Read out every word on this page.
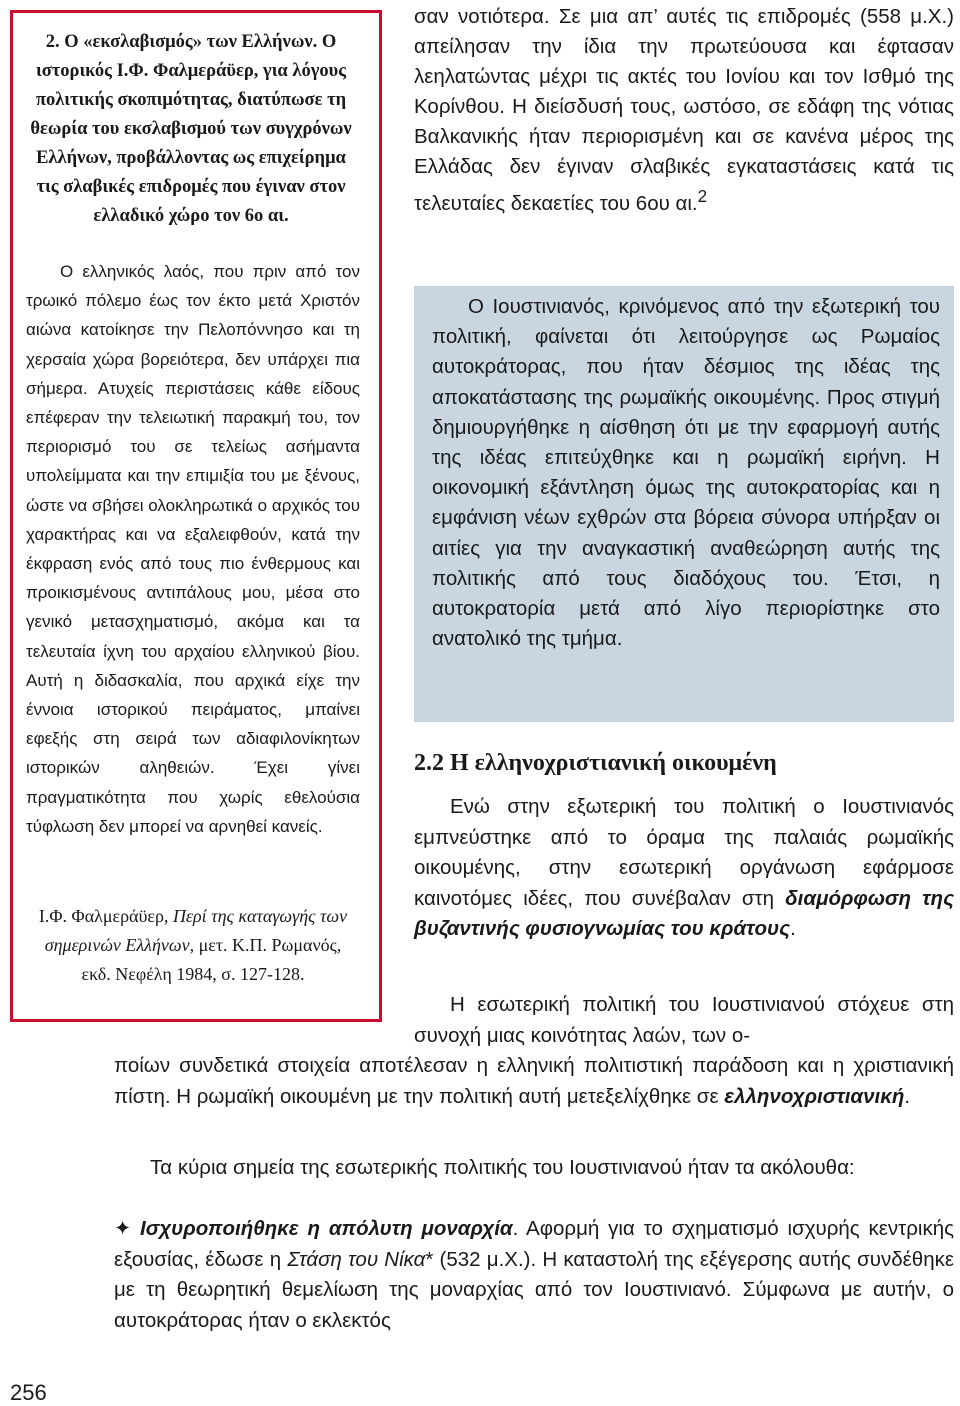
2. Ο «εκσλαβισμός» των Ελλήνων. Ο ιστορικός Ι.Φ. Φαλμεράϋερ, για λόγους πολιτικής σκοπιμότητας, διατύπωσε τη θεωρία του εκσλαβισμού των συγχρόνων Ελλήνων, προβάλλοντας ως επιχείρημα τις σλαβικές επιδρομές που έγιναν στον ελλαδικό χώρο τον 6ο αι.
Ο ελληνικός λαός, που πριν από τον τρωικό πόλεμο έως τον έκτο μετά Χριστόν αιώνα κατοίκησε την Πελοπόννησο και τη χερσαία χώρα βορειότερα, δεν υπάρχει πια σήμερα. Ατυχείς περιστάσεις κάθε είδους επέφεραν την τελειωτική παρακμή του, τον περιορισμό του σε τελείως ασήμαντα υπολείμματα και την επιμιξία του με ξένους, ώστε να σβήσει ολοκληρωτικά ο αρχικός του χαρακτήρας και να εξαλειφθούν, κατά την έκφραση ενός από τους πιο ένθερμους και προικισμένους αντιπάλους μου, μέσα στο γενικό μετασχηματισμό, ακόμα και τα τελευταία ίχνη του αρχαίου ελληνικού βίου. Αυτή η διδασκαλία, που αρχικά είχε την έννοια ιστορικού πειράματος, μπαίνει εφεξής στη σειρά των αδιαφιλονίκητων ιστορικών αληθειών. Έχει γίνει πραγματικότητα που χωρίς εθελούσια τύφλωση δεν μπορεί να αρνηθεί κανείς.
Ι.Φ. Φαλμεράϋερ, Περί της καταγωγής των σημερινών Ελλήνων, μετ. Κ.Π. Ρωμανός, εκδ. Νεφέλη 1984, σ. 127-128.
σαν νοτιότερα. Σε μια απ’ αυτές τις επιδρομές (558 μ.Χ.) απείλησαν την ίδια την πρωτεύουσα και έφτασαν λεηλατώντας μέχρι τις ακτές του Ιονίου και τον Ισθμό της Κορίνθου. Η διείσδυσή τους, ωστόσο, σε εδάφη της νότιας Βαλκανικής ήταν περιορισμένη και σε κανένα μέρος της Ελλάδας δεν έγιναν σλαβικές εγκαταστάσεις κατά τις τελευταίες δεκαετίες του 6ου αι.$^2$
Ο Ιουστινιανός, κρινόμενος από την εξωτερική του πολιτική, φαίνεται ότι λειτούργησε ως Ρωμαίος αυτοκράτορας, που ήταν δέσμιος της ιδέας της αποκατάστασης της ρωμαϊκής οικουμένης. Προς στιγμή δημιουργήθηκε η αίσθηση ότι με την εφαρμογή αυτής της ιδέας επιτεύχθηκε και η ρωμαϊκή ειρήνη. Η οικονομική εξάντληση όμως της αυτοκρατορίας και η εμφάνιση νέων εχθρών στα βόρεια σύνορα υπήρξαν οι αιτίες για την αναγκαστική αναθεώρηση αυτής της πολιτικής από τους διαδόχους του. Έτσι, η αυτοκρατορία μετά από λίγο περιορίστηκε στο ανατολικό της τμήμα.
2.2 Η ελληνοχριστιανική οικουμένη
Ενώ στην εξωτερική του πολιτική ο Ιουστινιανός εμπνεύστηκε από το όραμα της παλαιάς ρωμαϊκής οικουμένης, στην εσωτερική οργάνωση εφάρμοσε καινοτόμες ιδέες, που συνέβαλαν στη διαμόρφωση της βυζαντινής φυσιογνωμίας του κράτους.
Η εσωτερική πολιτική του Ιουστινιανού στόχευε στη συνοχή μιας κοινότητας λαών, των ο-
ποίων συνδετικά στοιχεία αποτέλεσαν η ελληνική πολιτιστική παράδοση και η χριστιανική πίστη. Η ρωμαϊκή οικουμένη με την πολιτική αυτή μετεξελίχθηκε σε ελληνοχριστιανική.
Τα κύρια σημεία της εσωτερικής πολιτικής του Ιουστινιανού ήταν τα ακόλουθα:
✦ Ισχυροποιήθηκε η απόλυτη μοναρχία. Αφορμή για το σχηματισμό ισχυρής κεντρικής εξουσίας, έδωσε η Στάση του Νίκα* (532 μ.Χ.). Η καταστολή της εξέγερσης αυτής συνδέθηκε με τη θεωρητική θεμελίωση της μοναρχίας από τον Ιουστινιανό. Σύμφωνα με αυτήν, ο αυτοκράτορας ήταν ο εκλεκτός
256
